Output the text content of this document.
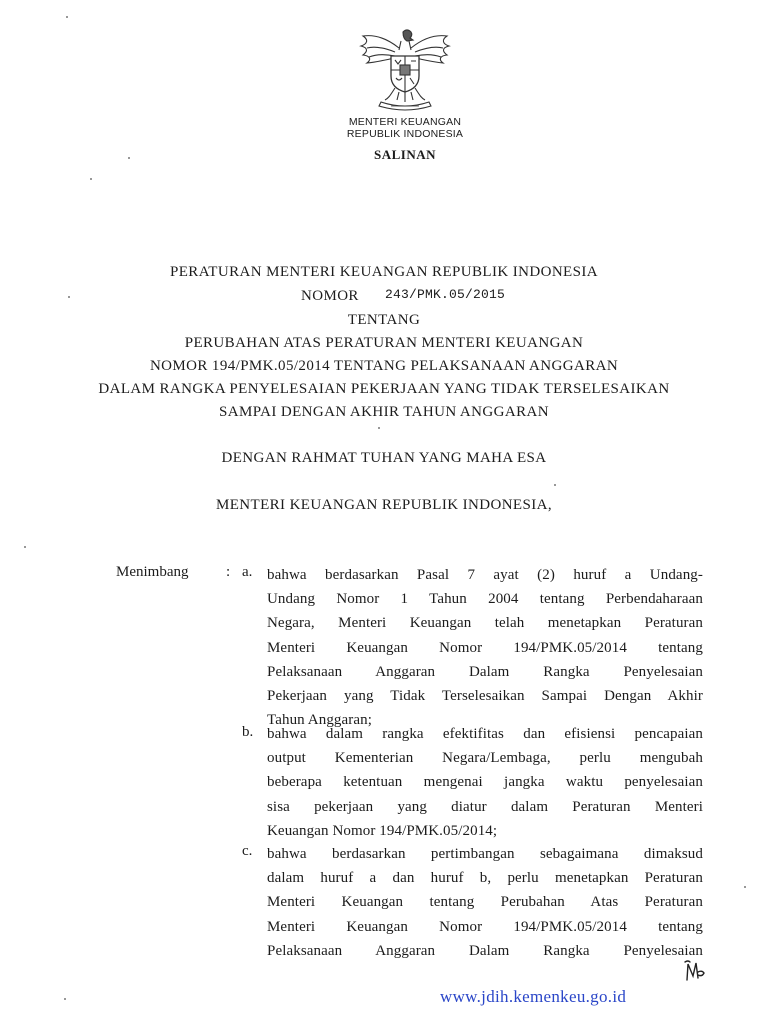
MENTERI KEUANGAN
REPUBLIK INDONESIA
SALINAN
PERATURAN MENTERI KEUANGAN REPUBLIK INDONESIA
NOMOR 243/PMK.05/2015
TENTANG
PERUBAHAN ATAS PERATURAN MENTERI KEUANGAN
NOMOR 194/PMK.05/2014 TENTANG PELAKSANAAN ANGGARAN
DALAM RANGKA PENYELESAIAN PEKERJAAN YANG TIDAK TERSELESAIKAN
SAMPAI DENGAN AKHIR TAHUN ANGGARAN
DENGAN RAHMAT TUHAN YANG MAHA ESA
MENTERI KEUANGAN REPUBLIK INDONESIA,
Menimbang	: a. bahwa berdasarkan Pasal 7 ayat (2) huruf a Undang-
Undang Nomor 1 Tahun 2004 tentang Perbendaharaan
Negara, Menteri Keuangan telah menetapkan Peraturan
Menteri Keuangan Nomor 194/PMK.05/2014 tentang
Pelaksanaan Anggaran Dalam Rangka Penyelesaian
Pekerjaan yang Tidak Terselesaikan Sampai Dengan Akhir
Tahun Anggaran;
b. bahwa dalam rangka efektifitas dan efisiensi pencapaian
output Kementerian Negara/Lembaga, perlu mengubah
beberapa ketentuan mengenai jangka waktu penyelesaian
sisa pekerjaan yang diatur dalam Peraturan Menteri
Keuangan Nomor 194/PMK.05/2014;
c. bahwa berdasarkan pertimbangan sebagaimana dimaksud
dalam huruf a dan huruf b, perlu menetapkan Peraturan
Menteri Keuangan tentang Perubahan Atas Peraturan
Menteri Keuangan Nomor 194/PMK.05/2014 tentang
Pelaksanaan Anggaran Dalam Rangka Penyelesaian
www.jdih.kemenkeu.go.id
